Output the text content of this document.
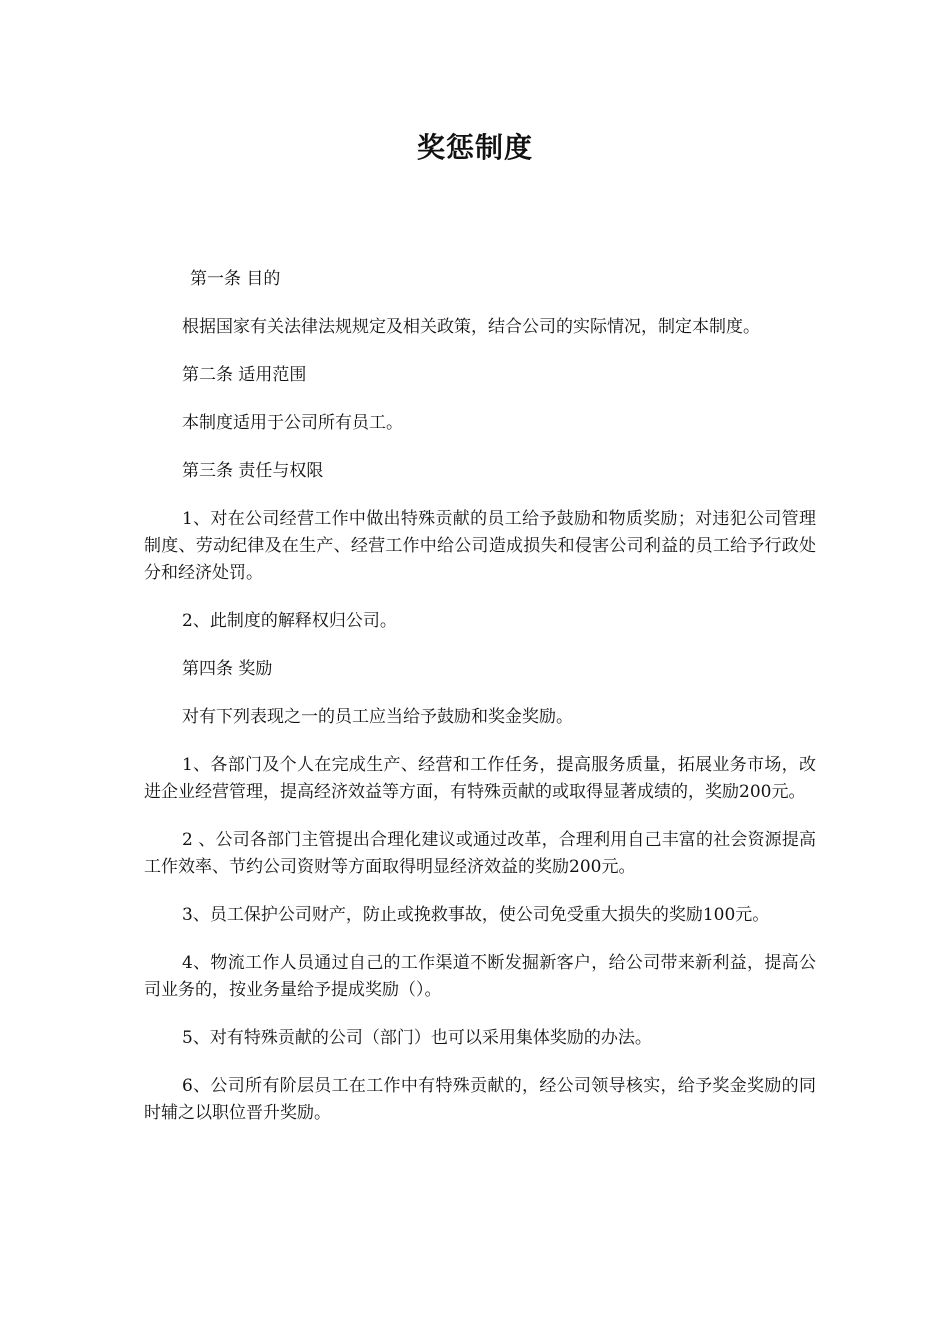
奖惩制度

第一条 目的

根据国家有关法律法规规定及相关政策，结合公司的实际情况，制定本制度。

第二条 适用范围

本制度适用于公司所有员工。

第三条 责任与权限

1、对在公司经营工作中做出特殊贡献的员工给予鼓励和物质奖励；对违犯公司管理制度、劳动纪律及在生产、经营工作中给公司造成损失和侵害公司利益的员工给予行政处分和经济处罚。

2、此制度的解释权归公司。

第四条 奖励

对有下列表现之一的员工应当给予鼓励和奖金奖励。

1、各部门及个人在完成生产、经营和工作任务，提高服务质量，拓展业务市场，改进企业经营管理，提高经济效益等方面，有特殊贡献的或取得显著成绩的，奖励200元。

2 、公司各部门主管提出合理化建议或通过改革，合理利用自己丰富的社会资源提高工作效率、节约公司资财等方面取得明显经济效益的奖励200元。

3、员工保护公司财产，防止或挽救事故，使公司免受重大损失的奖励100元。

4、物流工作人员通过自己的工作渠道不断发掘新客户，给公司带来新利益，提高公司业务的，按业务量给予提成奖励（）。

5、对有特殊贡献的公司（部门）也可以采用集体奖励的办法。

6、公司所有阶层员工在工作中有特殊贡献的，经公司领导核实，给予奖金奖励的同时辅之以职位晋升奖励。
